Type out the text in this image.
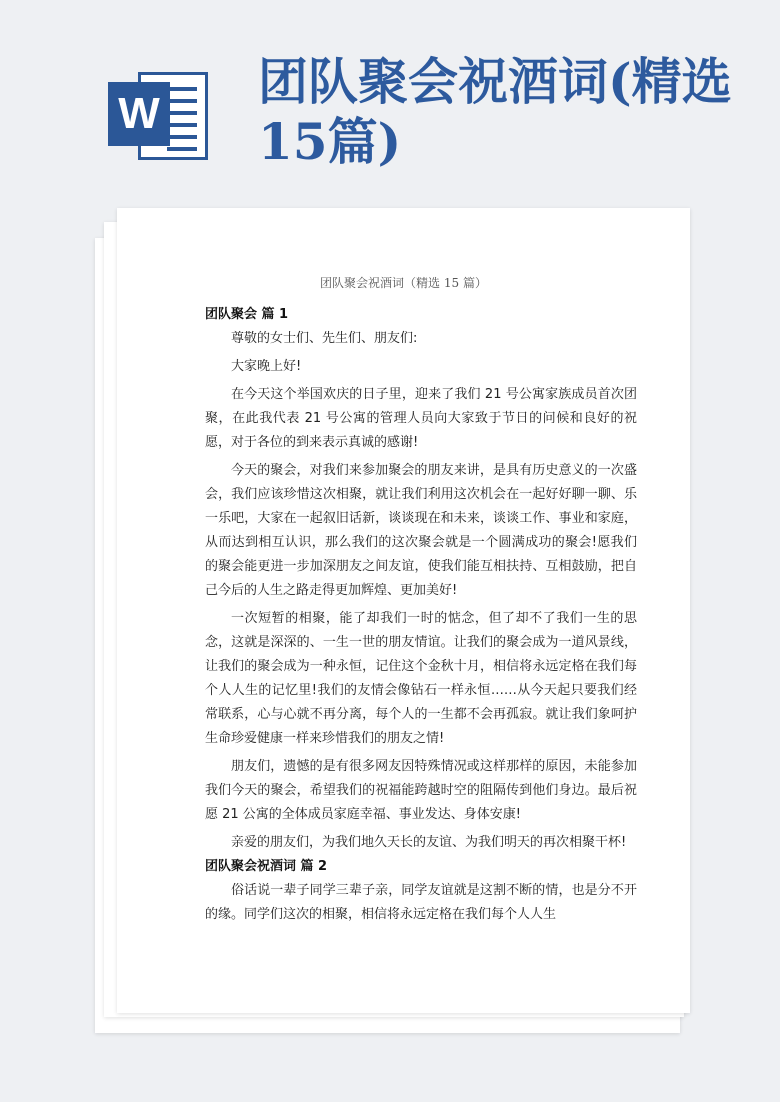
W
团队聚会祝酒词(精选15篇)

团队聚会祝酒词（精选 15 篇）

团队聚会 篇 1

尊敬的女士们、先生们、朋友们:

大家晚上好!

在今天这个举国欢庆的日子里，迎来了我们 21 号公寓家族成员首次团聚，在此我代表 21 号公寓的管理人员向大家致于节日的问候和良好的祝愿，对于各位的到来表示真诚的感谢!

今天的聚会，对我们来参加聚会的朋友来讲，是具有历史意义的一次盛会，我们应该珍惜这次相聚，就让我们利用这次机会在一起好好聊一聊、乐一乐吧，大家在一起叙旧话新，谈谈现在和未来，谈谈工作、事业和家庭，从而达到相互认识，那么我们的这次聚会就是一个圆满成功的聚会!愿我们的聚会能更进一步加深朋友之间友谊，使我们能互相扶持、互相鼓励，把自己今后的人生之路走得更加辉煌、更加美好!

一次短暂的相聚，能了却我们一时的惦念，但了却不了我们一生的思念，这就是深深的、一生一世的朋友情谊。让我们的聚会成为一道风景线，让我们的聚会成为一种永恒，记住这个金秋十月，相信将永远定格在我们每个人人生的记忆里!我们的友情会像钻石一样永恒……从今天起只要我们经常联系，心与心就不再分离，每个人的一生都不会再孤寂。就让我们象呵护生命珍爱健康一样来珍惜我们的朋友之情!

朋友们，遗憾的是有很多网友因特殊情况或这样那样的原因，未能参加我们今天的聚会，希望我们的祝福能跨越时空的阻隔传到他们身边。最后祝愿 21 公寓的全体成员家庭幸福、事业发达、身体安康!

亲爱的朋友们，为我们地久天长的友谊、为我们明天的再次相聚干杯!

团队聚会祝酒词 篇 2

俗话说一辈子同学三辈子亲，同学友谊就是这割不断的情，也是分不开的缘。同学们这次的相聚，相信将永远定格在我们每个人人生
